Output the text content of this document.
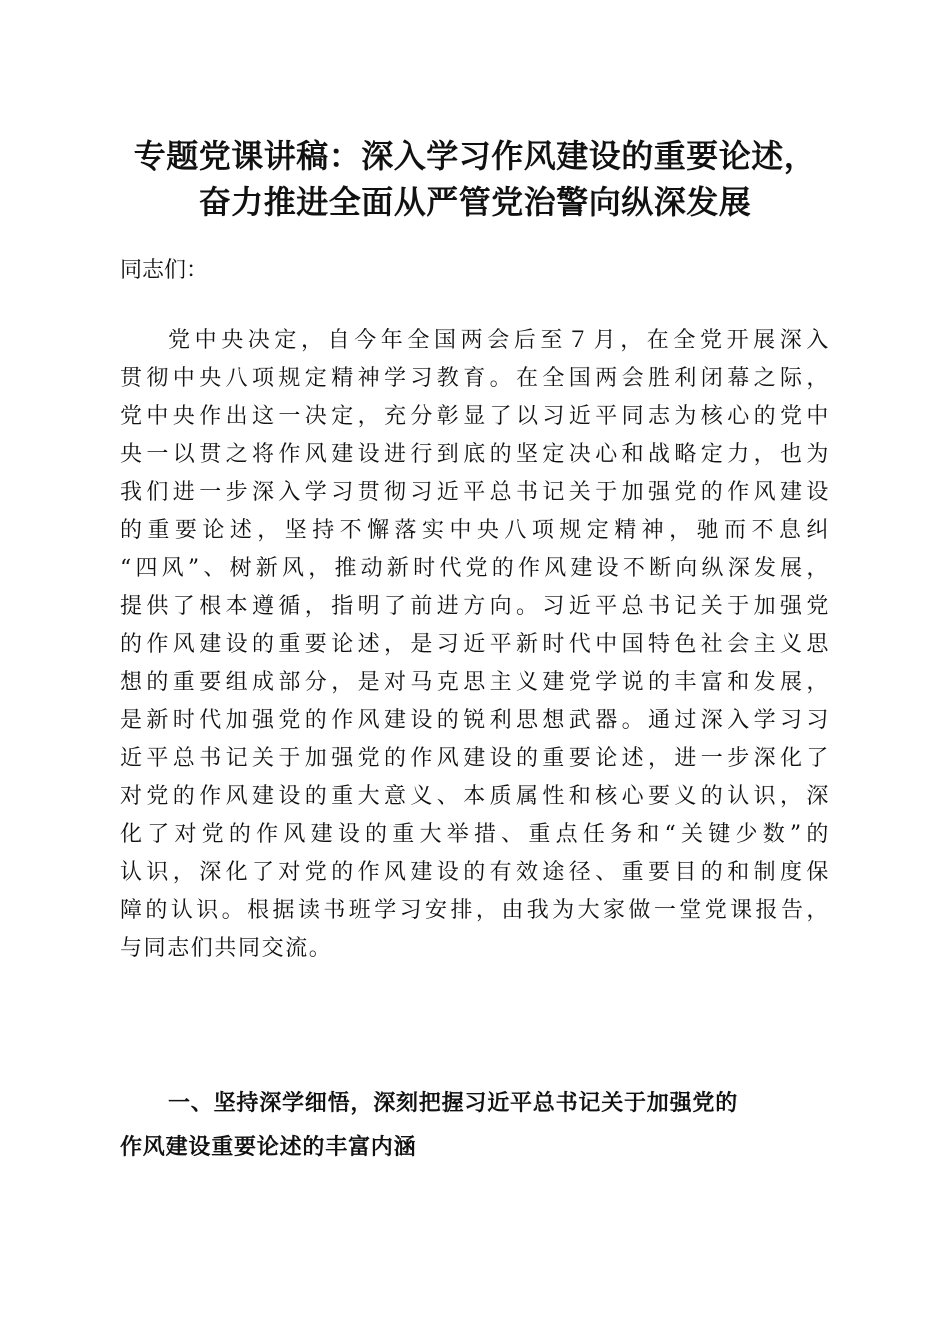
专题党课讲稿：深入学习作风建设的重要论述，
奋力推进全面从严管党治警向纵深发展
同志们：
党中央决定，自今年全国两会后至７月，在全党开展深入
贯彻中央八项规定精神学习教育。在全国两会胜利闭幕之际，
党中央作出这一决定，充分彰显了以习近平同志为核心的党中
央一以贯之将作风建设进行到底的坚定决心和战略定力，也为
我们进一步深入学习贯彻习近平总书记关于加强党的作风建设
的重要论述，坚持不懈落实中央八项规定精神，驰而不息纠
“四风”、树新风，推动新时代党的作风建设不断向纵深发展，
提供了根本遵循，指明了前进方向。习近平总书记关于加强党
的作风建设的重要论述，是习近平新时代中国特色社会主义思
想的重要组成部分，是对马克思主义建党学说的丰富和发展，
是新时代加强党的作风建设的锐利思想武器。通过深入学习习
近平总书记关于加强党的作风建设的重要论述，进一步深化了
对党的作风建设的重大意义、本质属性和核心要义的认识，深
化了对党的作风建设的重大举措、重点任务和“关键少数”的
认识，深化了对党的作风建设的有效途径、重要目的和制度保
障的认识。根据读书班学习安排，由我为大家做一堂党课报告，
与同志们共同交流。
一、坚持深学细悟，深刻把握习近平总书记关于加强党的
作风建设重要论述的丰富内涵
